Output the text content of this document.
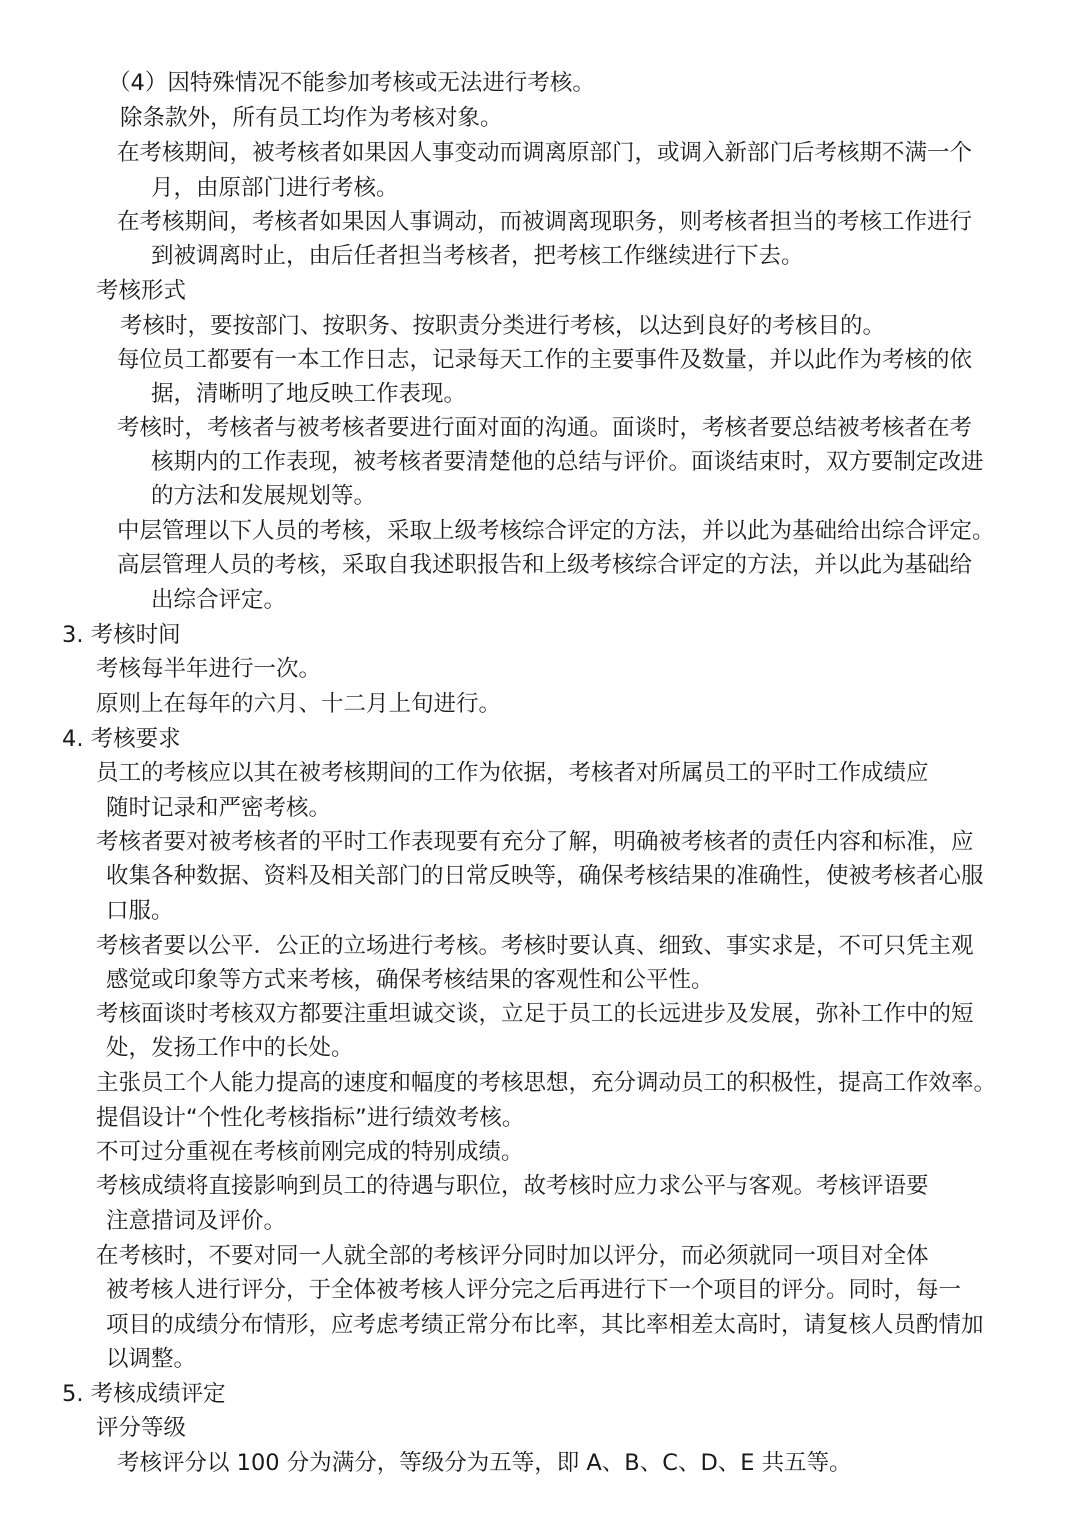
（4）因特殊情况不能参加考核或无法进行考核。
除条款外，所有员工均作为考核对象。
在考核期间，被考核者如果因人事变动而调离原部门，或调入新部门后考核期不满一个
月，由原部门进行考核。
在考核期间，考核者如果因人事调动，而被调离现职务，则考核者担当的考核工作进行
到被调离时止，由后任者担当考核者，把考核工作继续进行下去。
考核形式
考核时，要按部门、按职务、按职责分类进行考核，以达到良好的考核目的。
每位员工都要有一本工作日志，记录每天工作的主要事件及数量，并以此作为考核的依
据，清晰明了地反映工作表现。
考核时，考核者与被考核者要进行面对面的沟通。面谈时，考核者要总结被考核者在考
核期内的工作表现，被考核者要清楚他的总结与评价。面谈结束时，双方要制定改进
的方法和发展规划等。
中层管理以下人员的考核，采取上级考核综合评定的方法，并以此为基础给出综合评定。
高层管理人员的考核，采取自我述职报告和上级考核综合评定的方法，并以此为基础给
出综合评定。
3. 考核时间
考核每半年进行一次。
原则上在每年的六月、十二月上旬进行。
4. 考核要求
员工的考核应以其在被考核期间的工作为依据，考核者对所属员工的平时工作成绩应
随时记录和严密考核。
考核者要对被考核者的平时工作表现要有充分了解，明确被考核者的责任内容和标准，应
收集各种数据、资料及相关部门的日常反映等，确保考核结果的准确性，使被考核者心服
口服。
考核者要以公平．公正的立场进行考核。考核时要认真、细致、事实求是，不可只凭主观
感觉或印象等方式来考核，确保考核结果的客观性和公平性。
考核面谈时考核双方都要注重坦诚交谈，立足于员工的长远进步及发展，弥补工作中的短
处，发扬工作中的长处。
主张员工个人能力提高的速度和幅度的考核思想，充分调动员工的积极性，提高工作效率。
提倡设计“个性化考核指标”进行绩效考核。
不可过分重视在考核前刚完成的特别成绩。
考核成绩将直接影响到员工的待遇与职位，故考核时应力求公平与客观。考核评语要
注意措词及评价。
在考核时，不要对同一人就全部的考核评分同时加以评分，而必须就同一项目对全体
被考核人进行评分，于全体被考核人评分完之后再进行下一个项目的评分。同时，每一
项目的成绩分布情形，应考虑考绩正常分布比率，其比率相差太高时，请复核人员酌情加
以调整。
5. 考核成绩评定
评分等级
考核评分以 100 分为满分，等级分为五等，即 A、B、C、D、E 共五等。
